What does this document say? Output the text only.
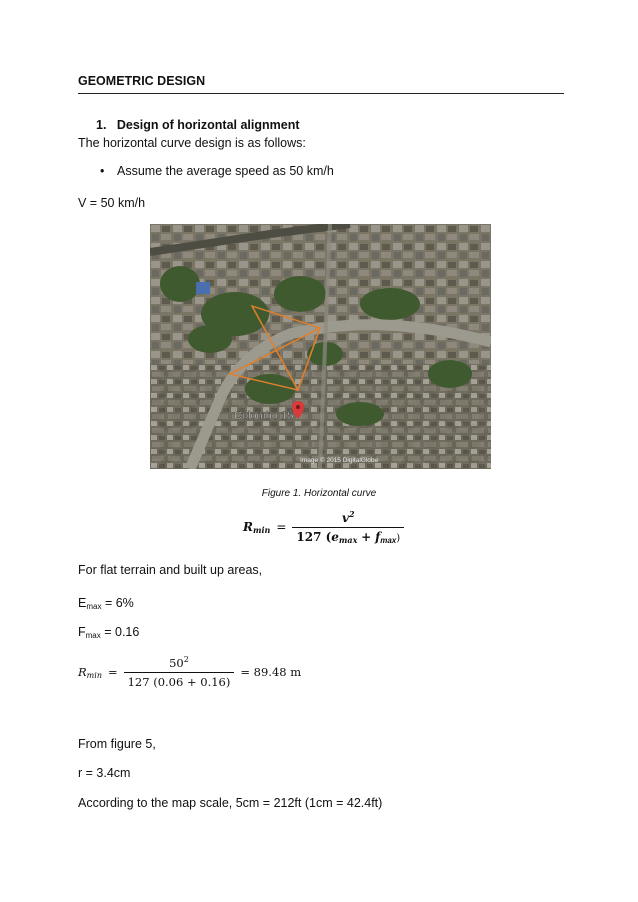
GEOMETRIC DESIGN
1. Design of horizontal alignment
The horizontal curve design is as follows:
• Assume the average speed as 50 km/h
V = 50 km/h
Colombo 15
Image © 2015 DigitalGlobe
Figure 1. Horizontal curve
$R_{min} = \frac{v^2}{127 (e_{max} + fmax)}$
For flat terrain and built up areas,
$E_{max} = 6\%$
$F_{max} = 0.16$
$R_{min} = \frac{50^2}{127 (0.06 + 0.16)} = 89.48$ m
From figure 5,
r = 3.4cm
According to the map scale, 5cm = 212ft (1cm = 42.4ft)
